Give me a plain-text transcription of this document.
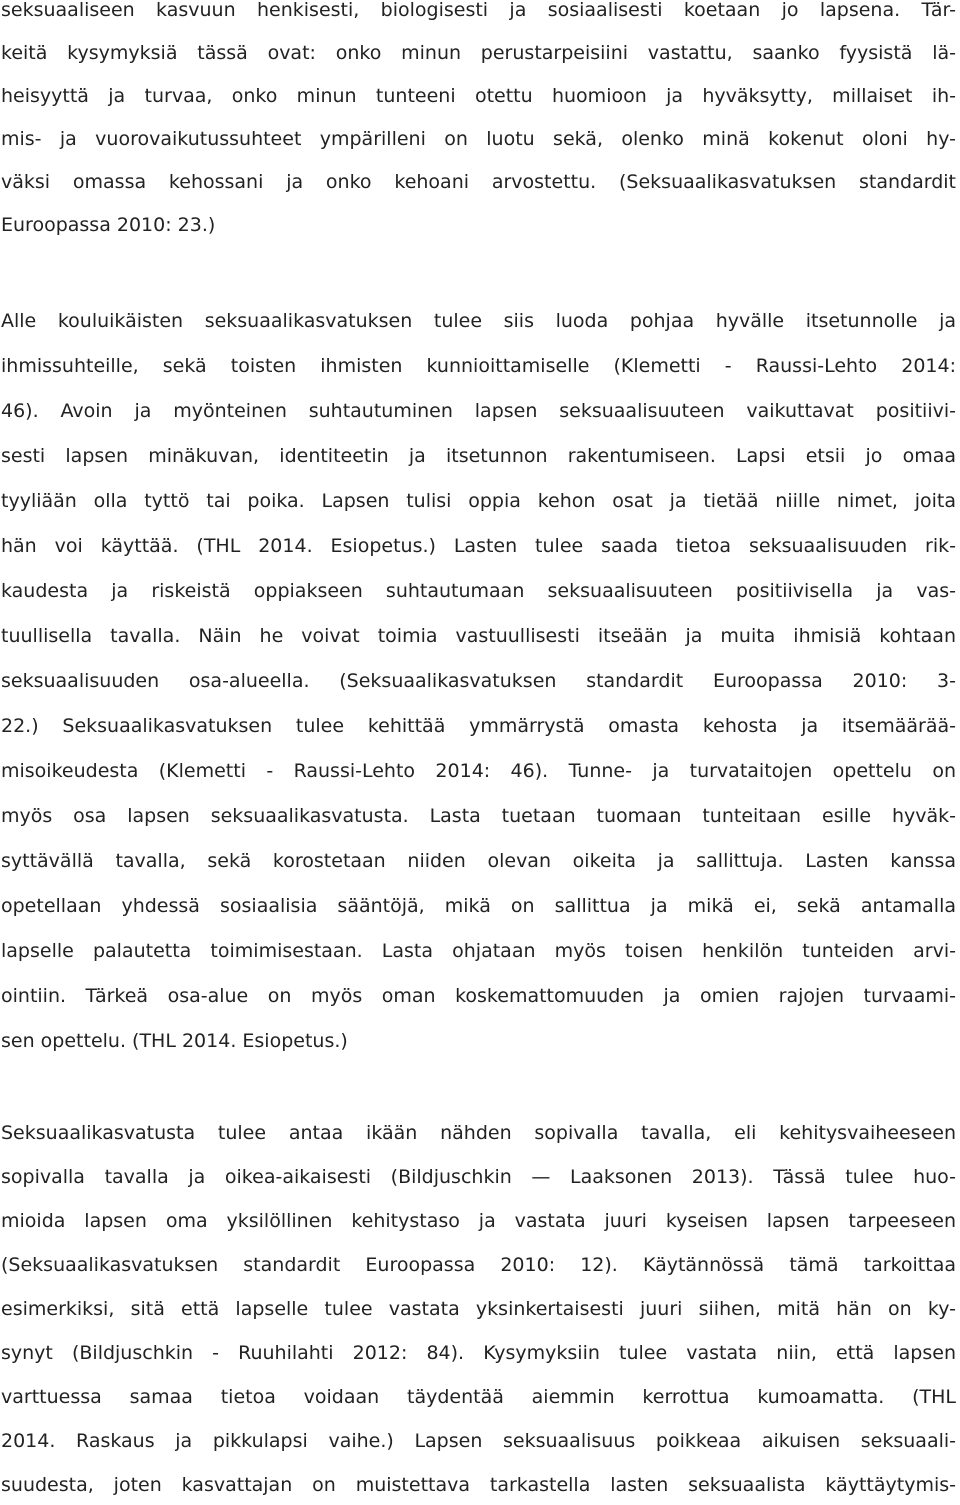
seksuaaliseen kasvuun henkisesti, biologisesti ja sosiaalisesti koetaan jo lapsena. Tär-
keitä kysymyksiä tässä ovat: onko minun perustarpeisiini vastattu, saanko fyysistä lä-
heisyyttä ja turvaa, onko minun tunteeni otettu huomioon ja hyväksytty, millaiset ih-
mis- ja vuorovaikutussuhteet ympärilleni on luotu sekä, olenko minä kokenut oloni hy-
väksi omassa kehossani ja onko kehoani arvostettu. (Seksuaalikasvatuksen standardit
Euroopassa 2010: 23.)
Alle kouluikäisten seksuaalikasvatuksen tulee siis luoda pohjaa hyvälle itsetunnolle ja
ihmissuhteille, sekä toisten ihmisten kunnioittamiselle (Klemetti - Raussi-Lehto 2014:
46). Avoin ja myönteinen suhtautuminen lapsen seksuaalisuuteen vaikuttavat positiivi-
sesti lapsen minäkuvan, identiteetin ja itsetunnon rakentumiseen. Lapsi etsii jo omaa
tyyliään olla tyttö tai poika. Lapsen tulisi oppia kehon osat ja tietää niille nimet, joita
hän voi käyttää. (THL 2014. Esiopetus.) Lasten tulee saada tietoa seksuaalisuuden rik-
kaudesta ja riskeistä oppiakseen suhtautumaan seksuaalisuuteen positiivisella ja vas-
tuullisella tavalla. Näin he voivat toimia vastuullisesti itseään ja muita ihmisiä kohtaan
seksuaalisuuden osa-alueella. (Seksuaalikasvatuksen standardit Euroopassa 2010: 3-
22.) Seksuaalikasvatuksen tulee kehittää ymmärrystä omasta kehosta ja itsemäärää-
misoikeudesta (Klemetti - Raussi-Lehto 2014: 46). Tunne- ja turvataitojen opettelu on
myös osa lapsen seksuaalikasvatusta. Lasta tuetaan tuomaan tunteitaan esille hyväk-
syttävällä tavalla, sekä korostetaan niiden olevan oikeita ja sallittuja. Lasten kanssa
opetellaan yhdessä sosiaalisia sääntöjä, mikä on sallittua ja mikä ei, sekä antamalla
lapselle palautetta toimimisestaan. Lasta ohjataan myös toisen henkilön tunteiden arvi-
ointiin. Tärkeä osa-alue on myös oman koskemattomuuden ja omien rajojen turvaami-
sen opettelu. (THL 2014. Esiopetus.)
Seksuaalikasvatusta tulee antaa ikään nähden sopivalla tavalla, eli kehitysvaiheeseen
sopivalla tavalla ja oikea-aikaisesti (Bildjuschkin — Laaksonen 2013). Tässä tulee huo-
mioida lapsen oma yksilöllinen kehitystaso ja vastata juuri kyseisen lapsen tarpeeseen
(Seksuaalikasvatuksen standardit Euroopassa 2010: 12). Käytännössä tämä tarkoittaa
esimerkiksi, sitä että lapselle tulee vastata yksinkertaisesti juuri siihen, mitä hän on ky-
synyt (Bildjuschkin - Ruuhilahti 2012: 84). Kysymyksiin tulee vastata niin, että lapsen
varttuessa samaa tietoa voidaan täydentää aiemmin kerrottua kumoamatta. (THL
2014. Raskaus ja pikkulapsi vaihe.) Lapsen seksuaalisuus poikkeaa aikuisen seksuaali-
suudesta, joten kasvattajan on muistettava tarkastella lasten seksuaalista käyttäytymis-
